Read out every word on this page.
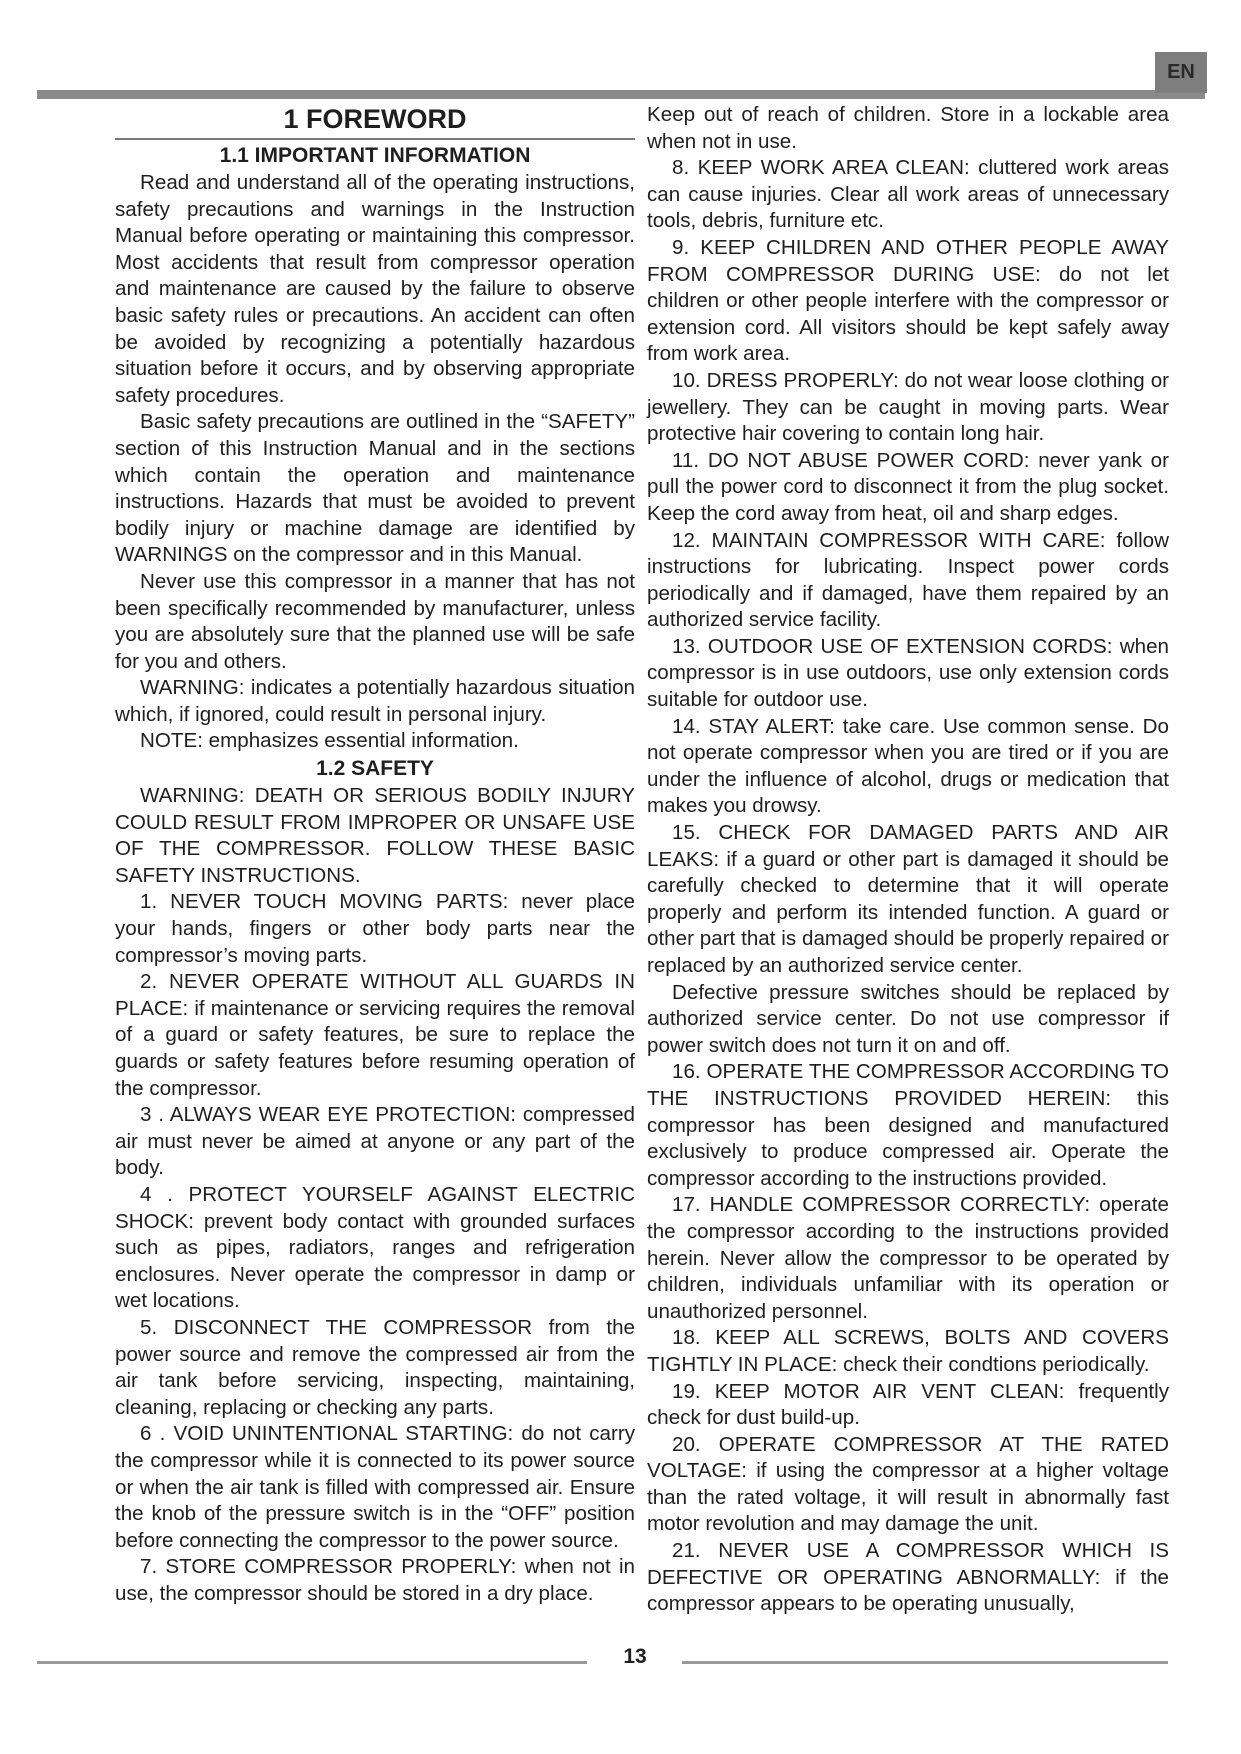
EN
1 FOREWORD
1.1 IMPORTANT INFORMATION

Read and understand all of the operating instructions, safety precautions and warnings in the Instruction Manual before operating or maintaining this compressor. Most accidents that result from compressor operation and maintenance are caused by the failure to observe basic safety rules or precautions. An accident can often be avoided by recognizing a potentially hazardous situation before it occurs, and by observing appropriate safety procedures.

Basic safety precautions are outlined in the “SAFETY” section of this Instruction Manual and in the sections which contain the operation and maintenance instructions. Hazards that must be avoided to prevent bodily injury or machine damage are identified by WARNINGS on the compressor and in this Manual.

Never use this compressor in a manner that has not been specifically recommended by manufacturer, unless you are absolutely sure that the planned use will be safe for you and others.

WARNING: indicates a potentially hazardous situation which, if ignored, could result in personal injury.

NOTE: emphasizes essential information.

1.2 SAFETY

WARNING: DEATH OR SERIOUS BODILY INJURY COULD RESULT FROM IMPROPER OR UNSAFE USE OF THE COMPRESSOR. FOLLOW THESE BASIC SAFETY INSTRUCTIONS.

1. NEVER TOUCH MOVING PARTS: never place your hands, fingers or other body parts near the compressor’s moving parts.

2. NEVER OPERATE WITHOUT ALL GUARDS IN PLACE: if maintenance or servicing requires the removal of a guard or safety features, be sure to replace the guards or safety features before resuming operation of the compressor.

3 . ALWAYS WEAR EYE PROTECTION: compressed air must never be aimed at anyone or any part of the body.

4 . PROTECT YOURSELF AGAINST ELECTRIC SHOCK: prevent body contact with grounded surfaces such as pipes, radiators, ranges and refrigeration enclosures. Never operate the compressor in damp or wet locations.

5. DISCONNECT THE COMPRESSOR from the power source and remove the compressed air from the air tank before servicing, inspecting, maintaining, cleaning, replacing or checking any parts.

6 . VOID UNINTENTIONAL STARTING: do not carry the compressor while it is connected to its power source or when the air tank is filled with compressed air. Ensure the knob of the pressure switch is in the “OFF” position before connecting the compressor to the power source.

7. STORE COMPRESSOR PROPERLY: when not in use, the compressor should be stored in a dry place.

Keep out of reach of children. Store in a lockable area when not in use.

8. KEEP WORK AREA CLEAN: cluttered work areas can cause injuries. Clear all work areas of unnecessary tools, debris, furniture etc.

9. KEEP CHILDREN AND OTHER PEOPLE AWAY FROM COMPRESSOR DURING USE: do not let children or other people interfere with the compressor or extension cord. All visitors should be kept safely away from work area.

10. DRESS PROPERLY: do not wear loose clothing or jewellery. They can be caught in moving parts. Wear protective hair covering to contain long hair.

11. DO NOT ABUSE POWER CORD: never yank or pull the power cord to disconnect it from the plug socket. Keep the cord away from heat, oil and sharp edges.

12. MAINTAIN COMPRESSOR WITH CARE: follow instructions for lubricating. Inspect power cords periodically and if damaged, have them repaired by an authorized service facility.

13. OUTDOOR USE OF EXTENSION CORDS: when compressor is in use outdoors, use only extension cords suitable for outdoor use.

14. STAY ALERT: take care. Use common sense. Do not operate compressor when you are tired or if you are under the influence of alcohol, drugs or medication that makes you drowsy.

15. CHECK FOR DAMAGED PARTS AND AIR LEAKS: if a guard or other part is damaged it should be carefully checked to determine that it will operate properly and perform its intended function. A guard or other part that is damaged should be properly repaired or replaced by an authorized service center.

Defective pressure switches should be replaced by authorized service center. Do not use compressor if power switch does not turn it on and off.

16. OPERATE THE COMPRESSOR ACCORDING TO THE INSTRUCTIONS PROVIDED HEREIN: this compressor has been designed and manufactured exclusively to produce compressed air. Operate the compressor according to the instructions provided.

17. HANDLE COMPRESSOR CORRECTLY: operate the compressor according to the instructions provided herein. Never allow the compressor to be operated by children, individuals unfamiliar with its operation or unauthorized personnel.

18. KEEP ALL SCREWS, BOLTS AND COVERS TIGHTLY IN PLACE: check their condtions periodically.

19. KEEP MOTOR AIR VENT CLEAN: frequently check for dust build-up.

20. OPERATE COMPRESSOR AT THE RATED VOLTAGE: if using the compressor at a higher voltage than the rated voltage, it will result in abnormally fast motor revolution and may damage the unit.

21. NEVER USE A COMPRESSOR WHICH IS DEFECTIVE OR OPERATING ABNORMALLY: if the compressor appears to be operating unusually,

13
